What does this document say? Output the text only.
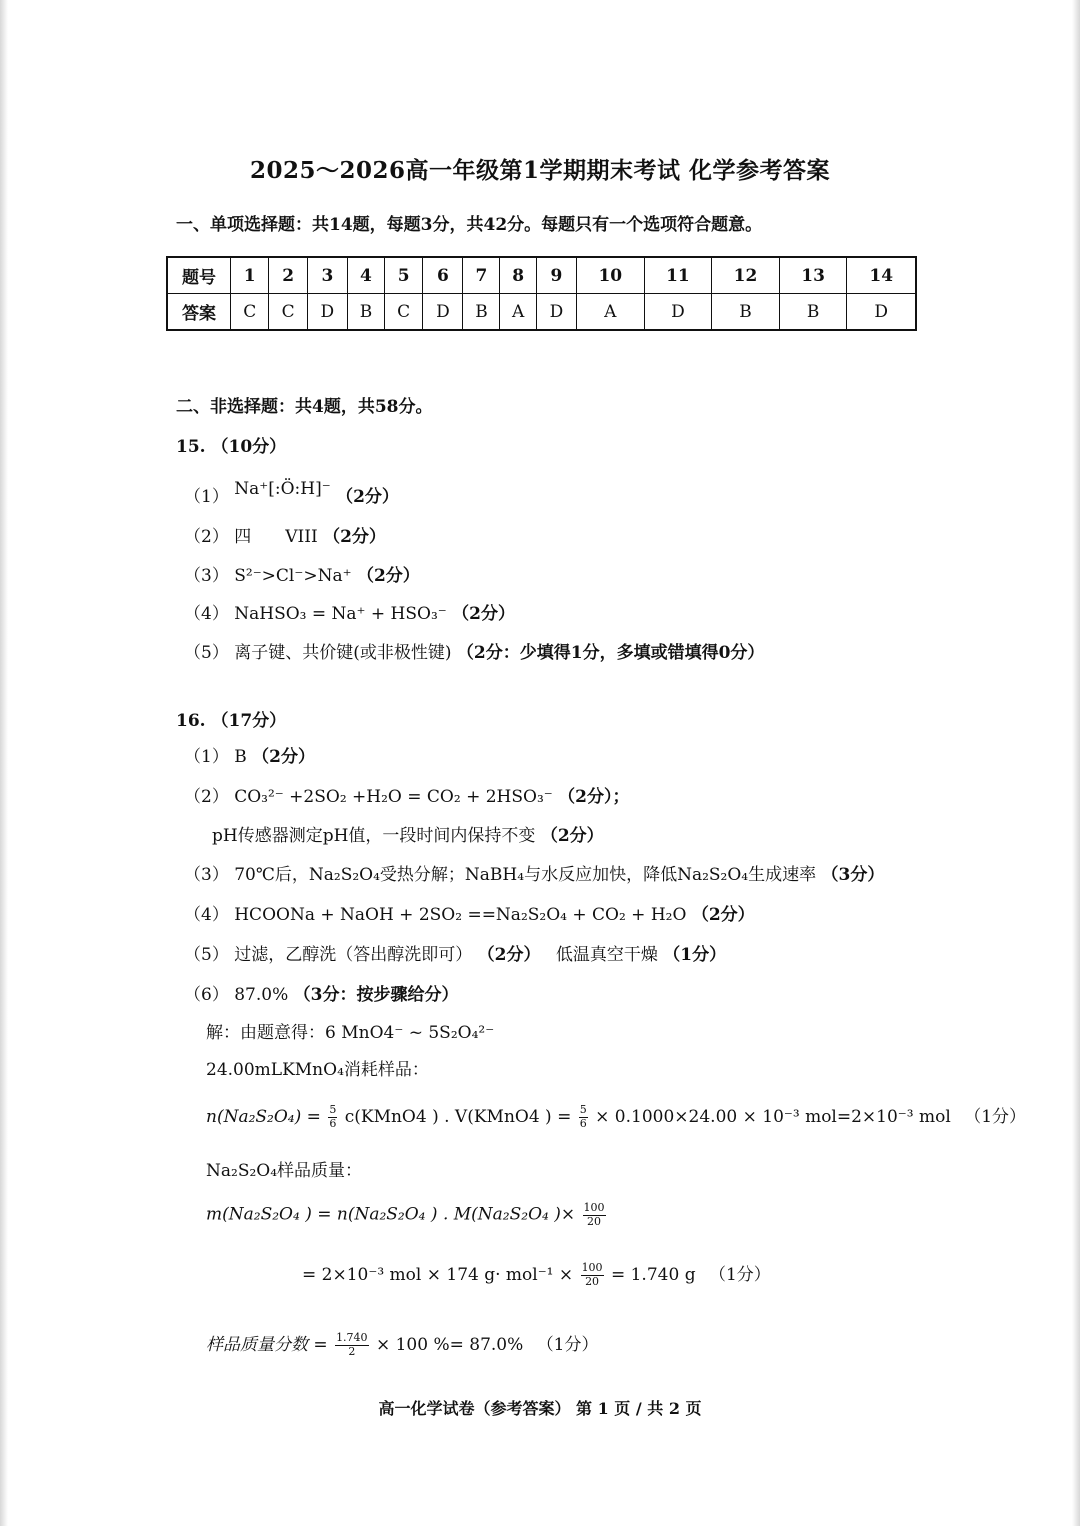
2025～2026高一年级第1学期期末考试 化学参考答案
一、单项选择题：共14题，每题3分，共42分。每题只有一个选项符合题意。
题号	1	2	3	4	5	6	7	8	9	10	11	12	13	14
答案	C	C	D	B	C	D	B	A	D	A	D	B	B	D
二、非选择题：共4题，共58分。
15. （10分）
（1） Na⁺[:Ö:H]⁻ （2分）
（2） 四　　VIII （2分）
（3） S²⁻>Cl⁻>Na⁺ （2分）
（4） NaHSO₃ = Na⁺ + HSO₃⁻ （2分）
（5） 离子键、共价键(或非极性键) （2分：少填得1分，多填或错填得0分）
16. （17分）
（1） B （2分）
（2） CO₃²⁻ +2SO₂ +H₂O = CO₂ + 2HSO₃⁻ （2分）；
pH传感器测定pH值，一段时间内保持不变 （2分）
（3） 70℃后，Na₂S₂O₄受热分解；NaBH₄与水反应加快，降低Na₂S₂O₄生成速率 （3分）
（4） HCOONa + NaOH + 2SO₂ ==Na₂S₂O₄ + CO₂ + H₂O （2分）
（5） 过滤，乙醇洗（答出醇洗即可） （2分） 低温真空干燥 （1分）
（6） 87.0% （3分：按步骤给分）
解：由题意得：6 MnO4⁻ ~ 5S₂O₄²⁻
24.00mLKMnO₄消耗样品：
$n(Na_2S_2O_4) = \frac{5}{6}$ c(KMnO4 ) . V(KMnO4 ) = $\frac{5}{6} \times 0.1000\times 24.00 \times 10^{-3}$ mol=2×10⁻³ mol （1分）
Na₂S₂O₄样品质量：
m(Na₂S₂O₄ ) = n(Na₂S₂O₄ ) . M(Na₂S₂O₄ )× $\frac{100}{20}$
= 2×10⁻³ mol × 174 $g\cdot mol^{-1} \times \frac{100}{20} = 1.740$ g （1分）
样品质量分数 = $\frac{1.740}{2} \times 100$ %= 87.0% （1分）
高一化学试卷（参考答案） 第 1 页 / 共 2 页
